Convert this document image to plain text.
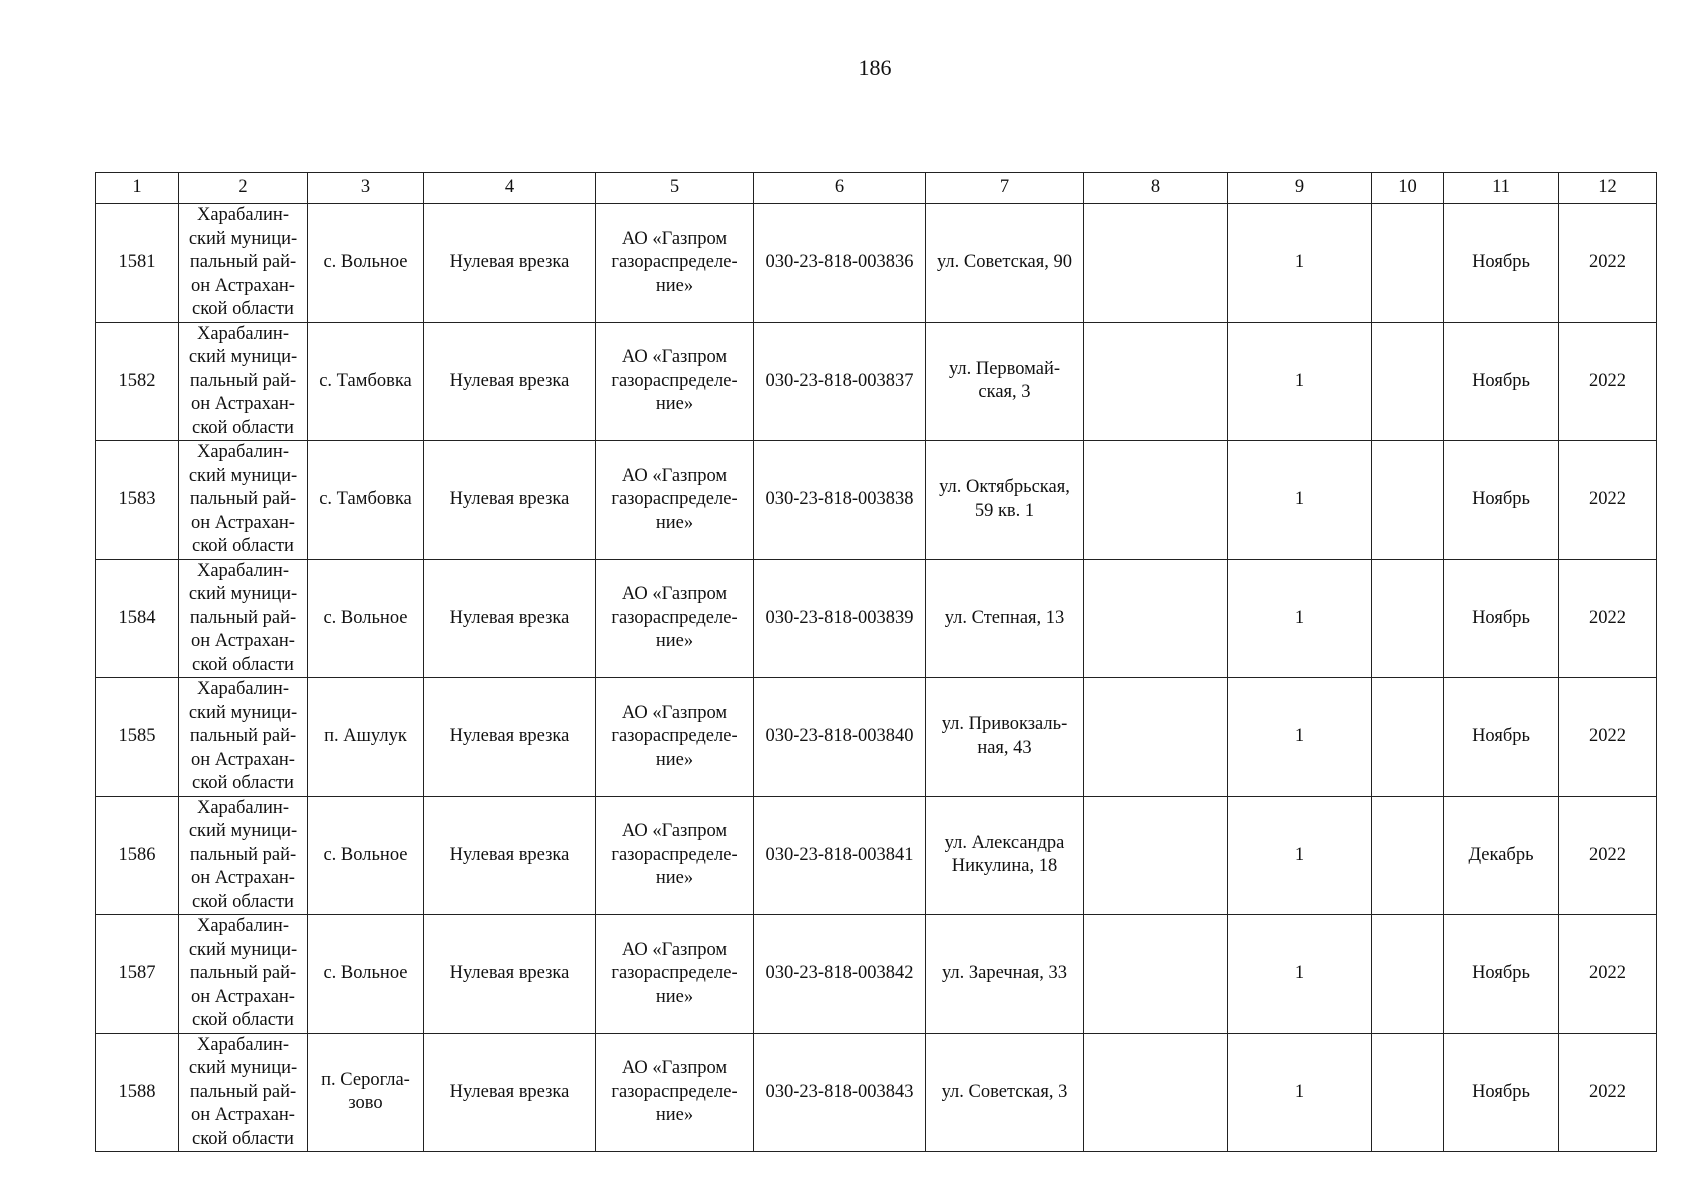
186
1	2	3	4	5	6	7	8	9	10	11	12
1581	Харабалин-
ский муници-
пальный рай-
он Астрахан-
ской области	с. Вольное	Нулевая врезка	АО «Газпром
газораспределе-
ние»	030-23-818-003836	ул. Советская, 90		1		Ноябрь	2022
1582	Харабалин-
ский муници-
пальный рай-
он Астрахан-
ской области	с. Тамбовка	Нулевая врезка	АО «Газпром
газораспределе-
ние»	030-23-818-003837	ул. Первомай-
ская, 3		1		Ноябрь	2022
1583	Харабалин-
ский муници-
пальный рай-
он Астрахан-
ской области	с. Тамбовка	Нулевая врезка	АО «Газпром
газораспределе-
ние»	030-23-818-003838	ул. Октябрьская,
59 кв. 1		1		Ноябрь	2022
1584	Харабалин-
ский муници-
пальный рай-
он Астрахан-
ской области	с. Вольное	Нулевая врезка	АО «Газпром
газораспределе-
ние»	030-23-818-003839	ул. Степная, 13		1		Ноябрь	2022
1585	Харабалин-
ский муници-
пальный рай-
он Астрахан-
ской области	п. Ашулук	Нулевая врезка	АО «Газпром
газораспределе-
ние»	030-23-818-003840	ул. Привокзаль-
ная, 43		1		Ноябрь	2022
1586	Харабалин-
ский муници-
пальный рай-
он Астрахан-
ской области	с. Вольное	Нулевая врезка	АО «Газпром
газораспределе-
ние»	030-23-818-003841	ул. Александра
Никулина, 18		1		Декабрь	2022
1587	Харабалин-
ский муници-
пальный рай-
он Астрахан-
ской области	с. Вольное	Нулевая врезка	АО «Газпром
газораспределе-
ние»	030-23-818-003842	ул. Заречная, 33		1		Ноябрь	2022
1588	Харабалин-
ский муници-
пальный рай-
он Астрахан-
ской области	п. Серогла-
зово	Нулевая врезка	АО «Газпром
газораспределе-
ние»	030-23-818-003843	ул. Советская, 3		1		Ноябрь	2022
